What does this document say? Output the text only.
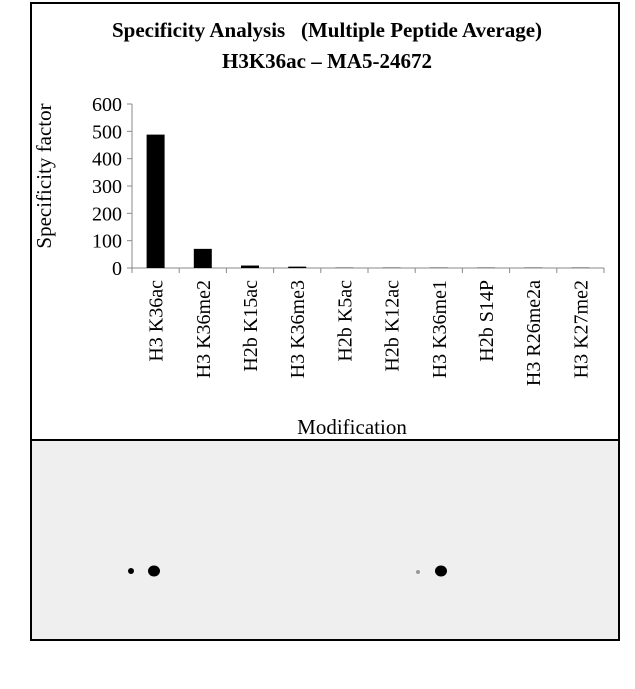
Specificity Analysis   (Multiple Peptide Average)
H3K36ac – MA5-24672
Specificity factor
Modification
0
100
200
300
400
500
600
H3 K36ac H3 K36me2 H2b K15ac H3 K36me3 H2b K5ac H2b K12ac H3 K36me1 H2b S14P H3 R26me2a H3 K27me2
